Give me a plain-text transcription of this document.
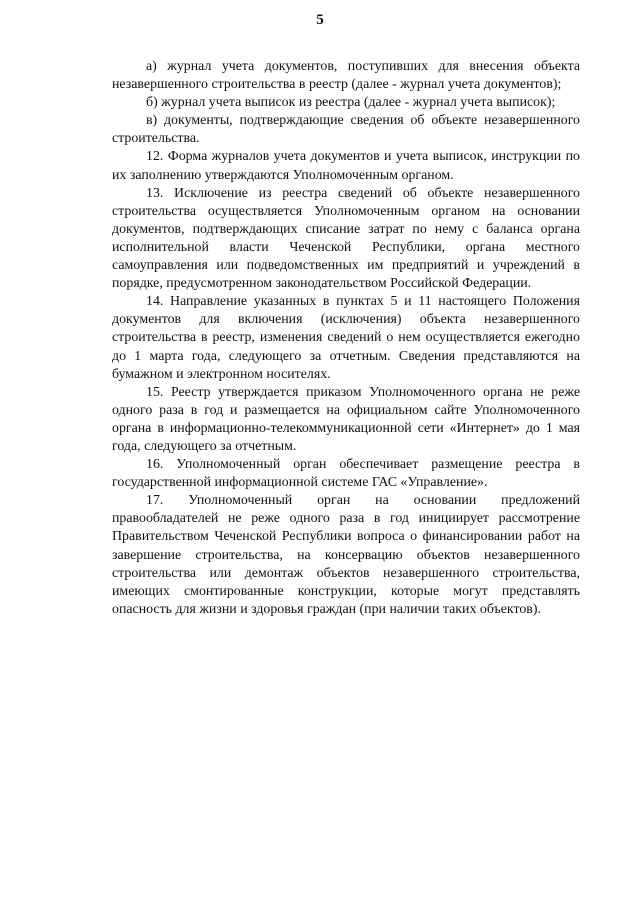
5

а) журнал учета документов, поступивших для внесения объекта незавершенного строительства в реестр (далее - журнал учета документов);

б) журнал учета выписок из реестра (далее - журнал учета выписок);

в) документы, подтверждающие сведения об объекте незавершенного строительства.

12. Форма журналов учета документов и учета выписок, инструкции по их заполнению утверждаются Уполномоченным органом.

13. Исключение из реестра сведений об объекте незавершенного строительства осуществляется Уполномоченным органом на основании документов, подтверждающих списание затрат по нему с баланса органа исполнительной власти Чеченской Республики, органа местного самоуправления или подведомственных им предприятий и учреждений в порядке, предусмотренном законодательством Российской Федерации.

14. Направление указанных в пунктах 5 и 11 настоящего Положения документов для включения (исключения) объекта незавершенного строительства в реестр, изменения сведений о нем осуществляется ежегодно до 1 марта года, следующего за отчетным. Сведения представляются на бумажном и электронном носителях.

15. Реестр утверждается приказом Уполномоченного органа не реже одного раза в год и размещается на официальном сайте Уполномоченного органа в информационно-телекоммуникационной сети «Интернет» до 1 мая года, следующего за отчетным.

16. Уполномоченный орган обеспечивает размещение реестра в государственной информационной системе ГАС «Управление».

17. Уполномоченный орган на основании предложений правообладателей не реже одного раза в год инициирует рассмотрение Правительством Чеченской Республики вопроса о финансировании работ на завершение строительства, на консервацию объектов незавершенного строительства или демонтаж объектов незавершенного строительства, имеющих смонтированные конструкции, которые могут представлять опасность для жизни и здоровья граждан (при наличии таких объектов).
